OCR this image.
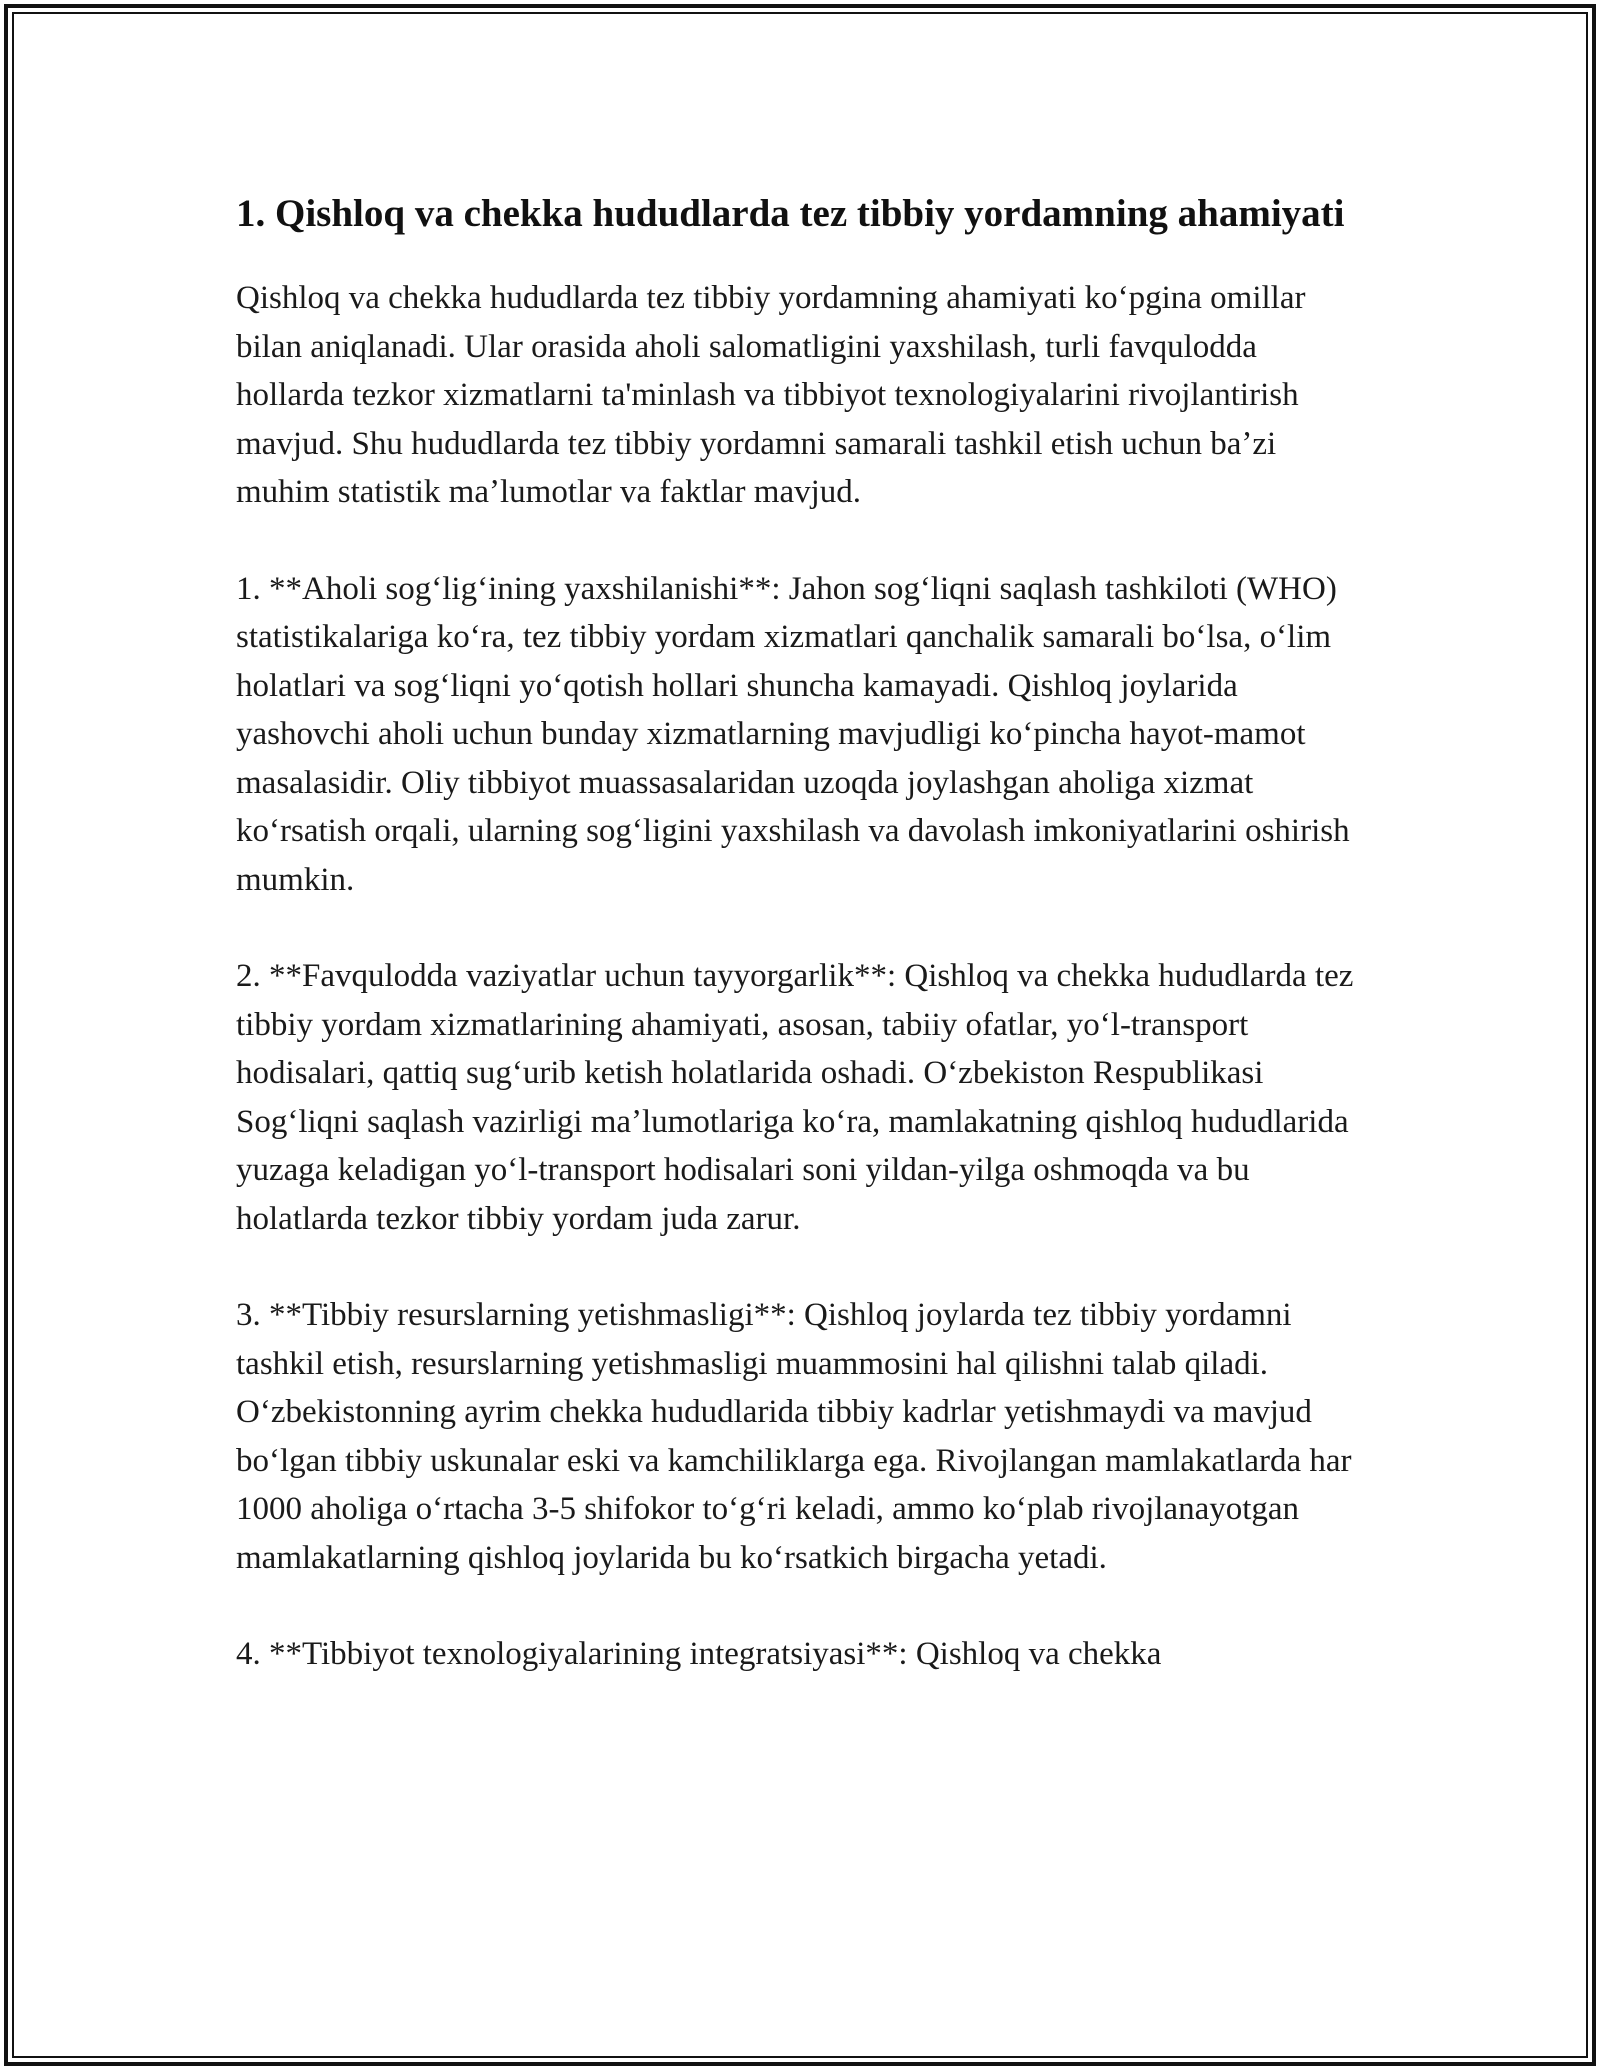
1. Qishloq va chekka hududlarda tez tibbiy yordamning ahamiyati

Qishloq va chekka hududlarda tez tibbiy yordamning ahamiyati koʻpgina omillar bilan aniqlanadi. Ular orasida aholi salomatligini yaxshilash, turli favqulodda hollarda tezkor xizmatlarni ta'minlash va tibbiyot texnologiyalarini rivojlantirish mavjud. Shu hududlarda tez tibbiy yordamni samarali tashkil etish uchun baʼzi muhim statistik maʼlumotlar va faktlar mavjud.

1. **Aholi sogʻligʻining yaxshilanishi**: Jahon sogʻliqni saqlash tashkiloti (WHO) statistikalariga koʻra, tez tibbiy yordam xizmatlari qanchalik samarali boʻlsa, oʻlim holatlari va sogʻliqni yoʻqotish hollari shuncha kamayadi. Qishloq joylarida yashovchi aholi uchun bunday xizmatlarning mavjudligi koʻpincha hayot-mamot masalasidir. Oliy tibbiyot muassasalaridan uzoqda joylashgan aholiga xizmat koʻrsatish orqali, ularning sogʻligini yaxshilash va davolash imkoniyatlarini oshirish mumkin.

2. **Favqulodda vaziyatlar uchun tayyorgarlik**: Qishloq va chekka hududlarda tez tibbiy yordam xizmatlarining ahamiyati, asosan, tabiiy ofatlar, yoʻl-transport hodisalari, qattiq sugʻurib ketish holatlarida oshadi. Oʻzbekiston Respublikasi Sogʻliqni saqlash vazirligi maʼlumotlariga koʻra, mamlakatning qishloq hududlarida yuzaga keladigan yoʻl-transport hodisalari soni yildan-yilga oshmoqda va bu holatlarda tezkor tibbiy yordam juda zarur.

3. **Tibbiy resurslarning yetishmasligi**: Qishloq joylarda tez tibbiy yordamni tashkil etish, resurslarning yetishmasligi muammosini hal qilishni talab qiladi. Oʻzbekistonning ayrim chekka hududlarida tibbiy kadrlar yetishmaydi va mavjud boʻlgan tibbiy uskunalar eski va kamchiliklarga ega. Rivojlangan mamlakatlarda har 1000 aholiga oʻrtacha 3-5 shifokor toʻgʻri keladi, ammo koʻplab rivojlanayotgan mamlakatlarning qishloq joylarida bu koʻrsatkich birgacha yetadi.

4. **Tibbiyot texnologiyalarining integratsiyasi**: Qishloq va chekka
